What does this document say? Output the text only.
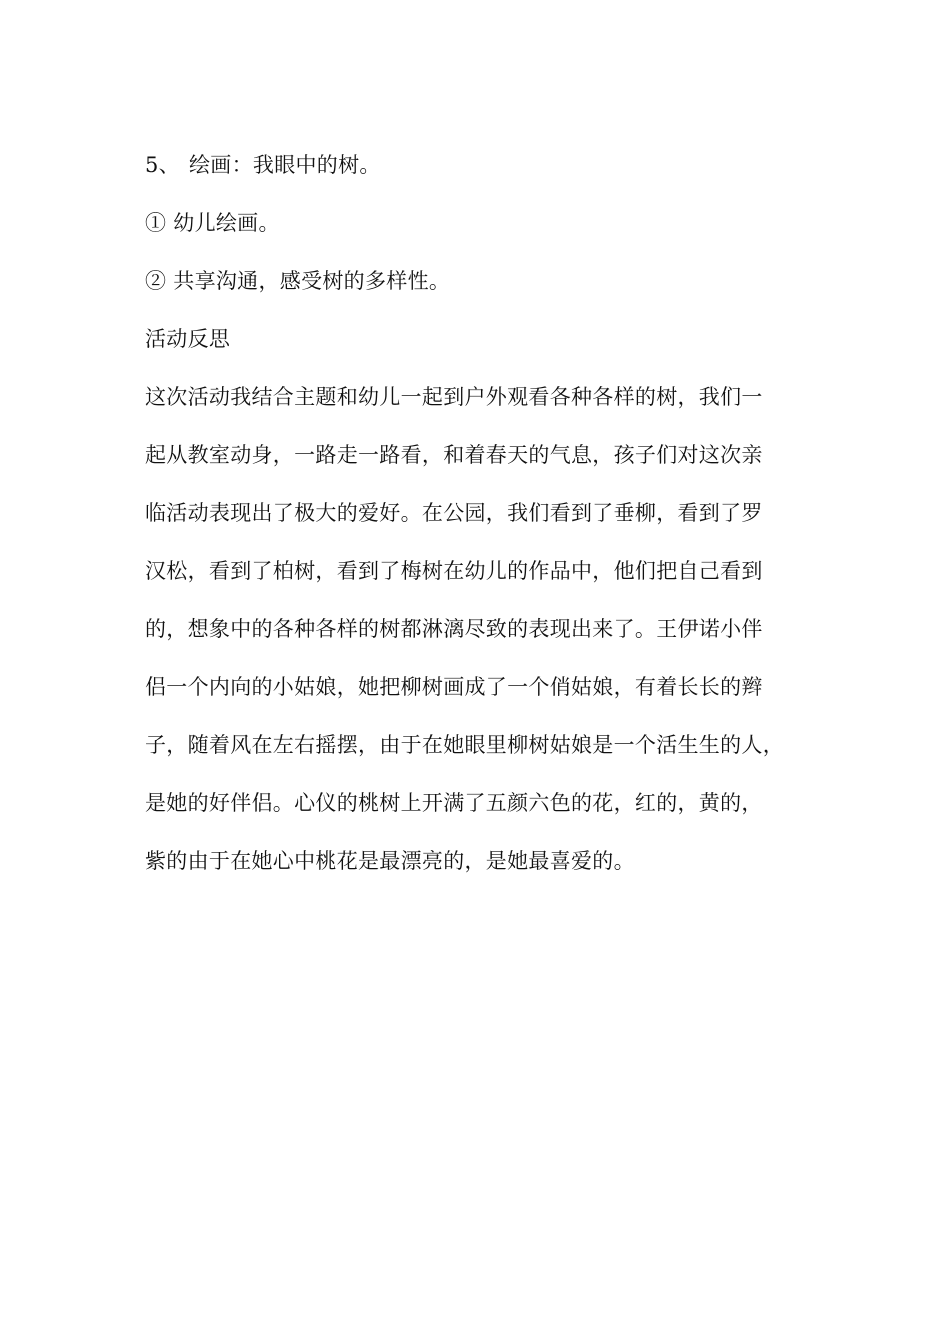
5、 绘画：我眼中的树。
① 幼儿绘画。
② 共享沟通，感受树的多样性。
活动反思
这次活动我结合主题和幼儿一起到户外观看各种各样的树，我们一
起从教室动身，一路走一路看，和着春天的气息，孩子们对这次亲
临活动表现出了极大的爱好。在公园，我们看到了垂柳，看到了罗
汉松，看到了柏树，看到了梅树在幼儿的作品中，他们把自己看到
的，想象中的各种各样的树都淋漓尽致的表现出来了。王伊诺小伴
侣一个内向的小姑娘，她把柳树画成了一个俏姑娘，有着长长的辫
子，随着风在左右摇摆，由于在她眼里柳树姑娘是一个活生生的人，
是她的好伴侣。心仪的桃树上开满了五颜六色的花，红的，黄的，
紫的由于在她心中桃花是最漂亮的，是她最喜爱的。
